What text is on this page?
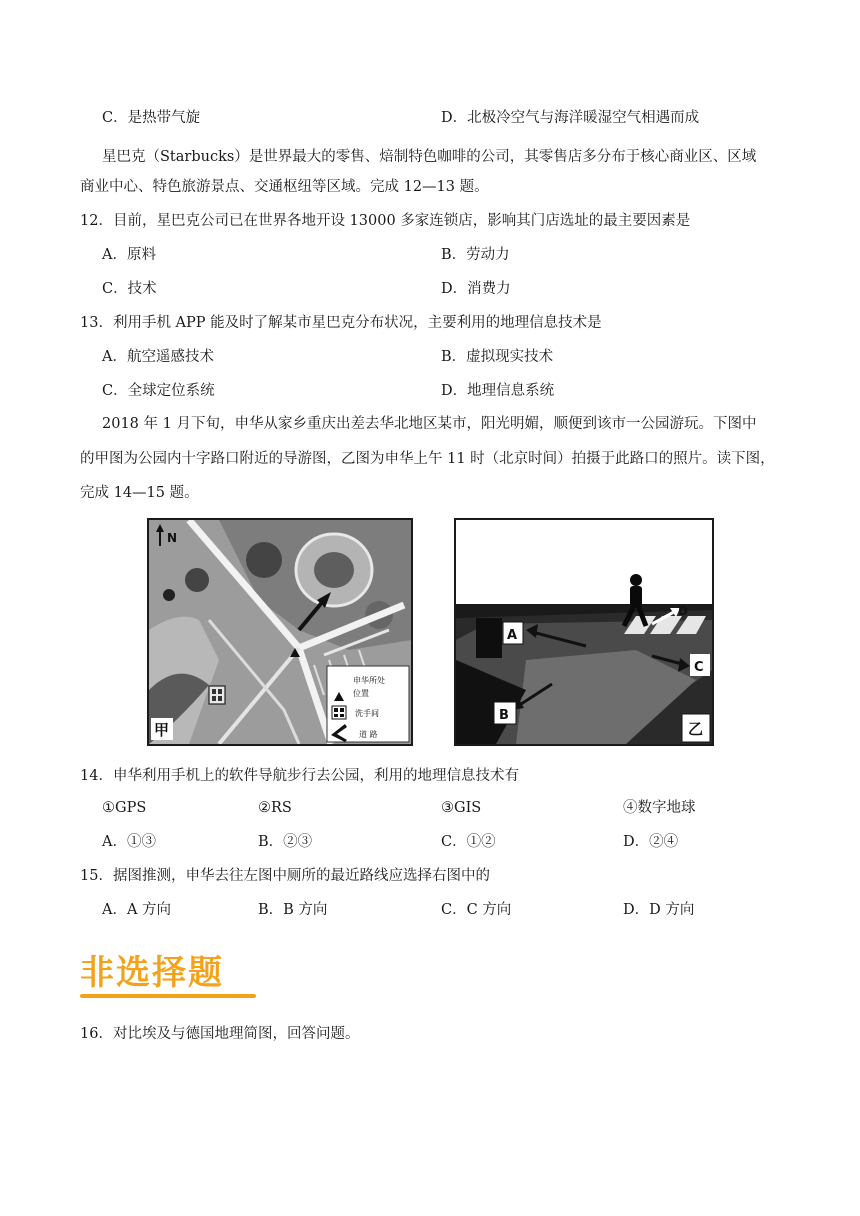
C．是热带气旋	D．北极冷空气与海洋暖湿空气相遇而成
星巴克（Starbucks）是世界最大的零售、焙制特色咖啡的公司，其零售店多分布于核心商业区、区域
商业中心、特色旅游景点、交通枢纽等区域。完成 12—13 题。
12．目前，星巴克公司已在世界各地开设 13000 多家连锁店，影响其门店选址的最主要因素是
A．原料	B．劳动力
C．技术	D．消费力
13．利用手机 APP 能及时了解某市星巴克分布状况，主要利用的地理信息技术是
A．航空遥感技术	B．虚拟现实技术
C．全球定位系统	D．地理信息系统
2018 年 1 月下旬，申华从家乡重庆出差去华北地区某市，阳光明媚，顺便到该市一公园游玩。下图中
的甲图为公园内十字路口附近的导游图，乙图为申华上午 11 时（北京时间）拍摄于此路口的照片。读下图，
完成 14—15 题。
N
申华所处
位置
洗手间
道 路
甲
A
B
C
D
乙
14．申华利用手机上的软件导航步行去公园，利用的地理信息技术有
①GPS	②RS	③GIS	④数字地球
A．①③	B．②③	C．①②	D．②④
15．据图推测，申华去往左图中厕所的最近路线应选择右图中的
A．A 方向	B．B 方向	C．C 方向	D．D 方向
非选择题
16．对比埃及与德国地理简图，回答问题。
